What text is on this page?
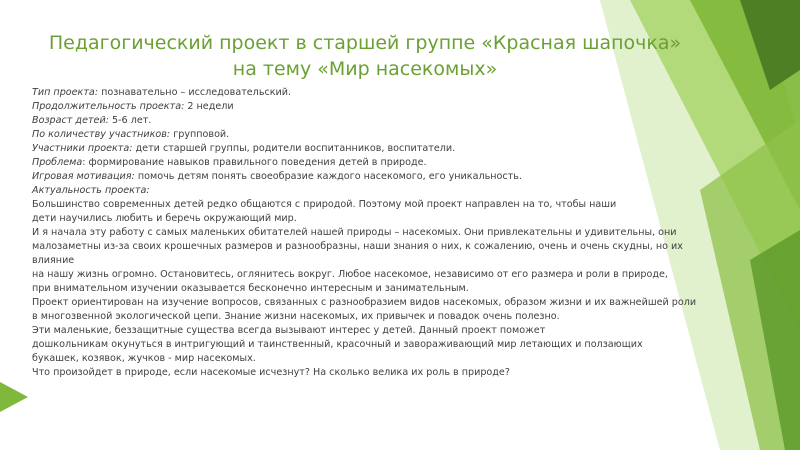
Педагогический проект в старшей группе «Красная шапочка»
на тему «Мир насекомых»
Тип проекта: познавательно – исследовательский.
Продолжительность проекта: 2 недели
Возраст детей: 5-6 лет.
По количеству участников: групповой.
Участники проекта: дети старшей группы, родители воспитанников, воспитатели.
Проблема: формирование навыков правильного поведения детей в природе.
Игровая мотивация: помочь детям понять своеобразие каждого насекомого, его уникальность.
Актуальность проекта:
Большинство современных детей редко общаются с природой. Поэтому мой проект направлен на то, чтобы наши
дети научились любить и беречь окружающий мир.
И я начала эту работу с самых маленьких обитателей нашей природы – насекомых. Они привлекательны и удивительны, они
малозаметны из-за своих крошечных размеров и разнообразны, наши знания о них, к сожалению, очень и очень скудны, но их
влияние
на нашу жизнь огромно. Остановитесь, оглянитесь вокруг. Любое насекомое, независимо от его размера и роли в природе,
при внимательном изучении оказывается бесконечно интересным и занимательным.
Проект ориентирован на изучение вопросов, связанных с разнообразием видов насекомых, образом жизни и их важнейшей роли
в многозвенной экологической цепи. Знание жизни насекомых, их привычек и повадок очень полезно.
Эти маленькие, беззащитные существа всегда вызывают интерес у детей. Данный проект поможет
дошкольникам окунуться в интригующий и таинственный, красочный и завораживающий мир летающих и ползающих
букашек, козявок, жучков - мир насекомых.
Что произойдет в природе, если насекомые исчезнут? На сколько велика их роль в природе?
